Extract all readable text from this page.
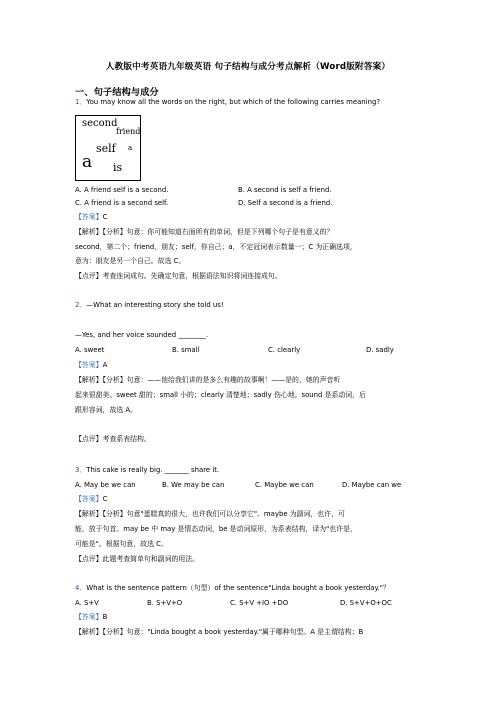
人教版中考英语九年级英语 句子结构与成分考点解析（Word版附答案）
一、句子结构与成分
1．You may know all the words on the right, but which of the following carries meaning?
second
friend
self a
a is
A. A friend self is a second.	B. A second is self a friend.
C. A friend is a second self.	D. Self a second is a friend.
【答案】C
【解析】【分析】句意：你可能知道右面所有的单词，但是下列哪个句子是有意义的？
second，第二个；friend，朋友；self，你自己；a，不定冠词表示数量一；C 为正确选项，
意为：朋友是另一个自己。故选 C。
【点评】考查连词成句。先确定句意，根据语法知识将词连接成句。
2．—What an interesting story she told us!
—Yes, and her voice sounded ________.
A. sweet	B. small	C. clearly	D. sadly
【答案】A
【解析】【分析】句意：——他给我们讲的是多么有趣的故事啊！——是的，她的声音听
起来很甜美。sweet 甜的；small 小的；clearly 清楚地；sadly 伤心地。sound 是系动词，后
跟形容词，故选 A。
【点评】考查系表结构。
3．This cake is really big. _______ share it.
A. May be we can	B. We may be can	C. Maybe we can	D. Maybe can we
【答案】C
【解析】【分析】句意"蛋糕真的很大，也许我们可以分享它"。maybe 为副词，也许，可
能，放于句首。may be 中 may 是情态动词，be 是动词原形，为系表结构，译为"也许是，
可能是"。根据句意，故选 C。
【点评】此题考查简单句和副词的用法。
4．What is the sentence pattern（句型）of the sentence"Linda bought a book yesterday."？
A. S+V	B. S+V+O	C. S+V +IO +DO	D. S+V+O+OC
【答案】B
【解析】【分析】句意："Linda bought a book yesterday."属于哪种句型。A 是主谓结构；B
